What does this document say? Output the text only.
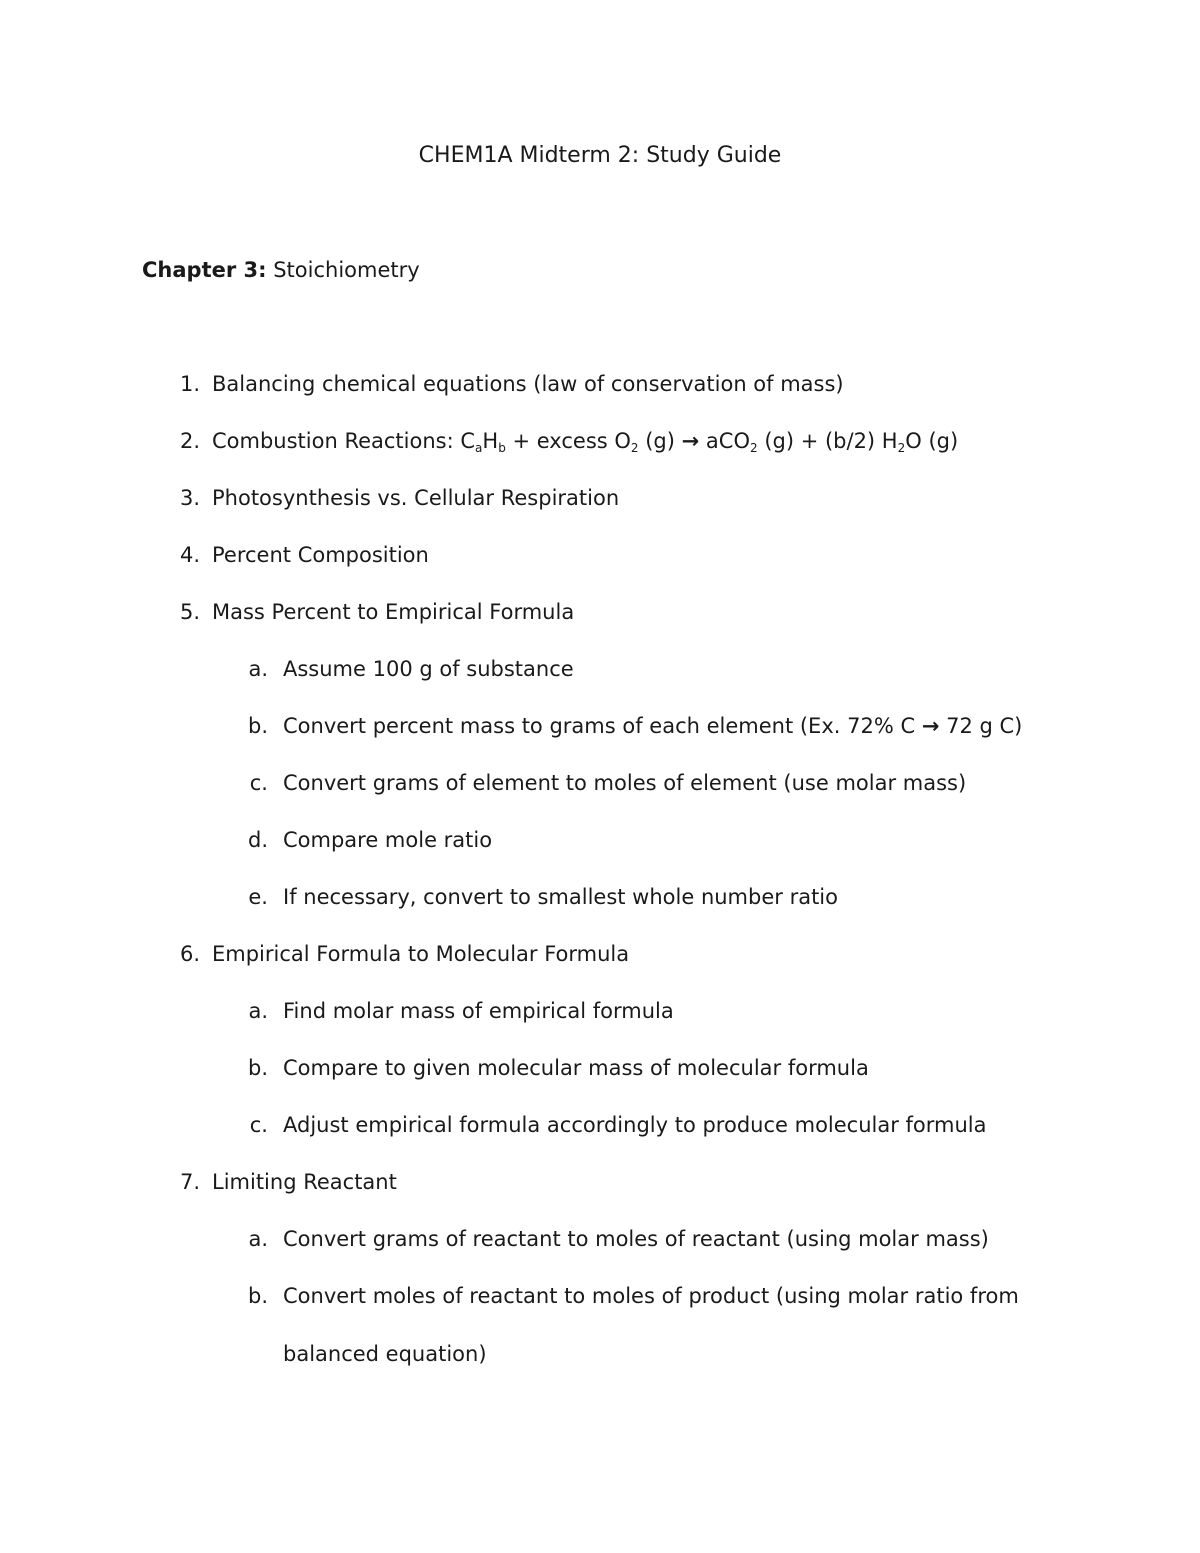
CHEM1A Midterm 2: Study Guide
Chapter 3: Stoichiometry
1. Balancing chemical equations (law of conservation of mass)
2. Combustion Reactions: $C_aH_b$ + excess $O_2$ (g) → aCO$_2$ (g) + (b/2) $H_2O$ (g)
3. Photosynthesis vs. Cellular Respiration
4. Percent Composition
5. Mass Percent to Empirical Formula
a. Assume 100 g of substance
b. Convert percent mass to grams of each element (Ex. 72% C → 72 g C)
c. Convert grams of element to moles of element (use molar mass)
d. Compare mole ratio
e. If necessary, convert to smallest whole number ratio
6. Empirical Formula to Molecular Formula
a. Find molar mass of empirical formula
b. Compare to given molecular mass of molecular formula
c. Adjust empirical formula accordingly to produce molecular formula
7. Limiting Reactant
a. Convert grams of reactant to moles of reactant (using molar mass)
b. Convert moles of reactant to moles of product (using molar ratio from
balanced equation)
